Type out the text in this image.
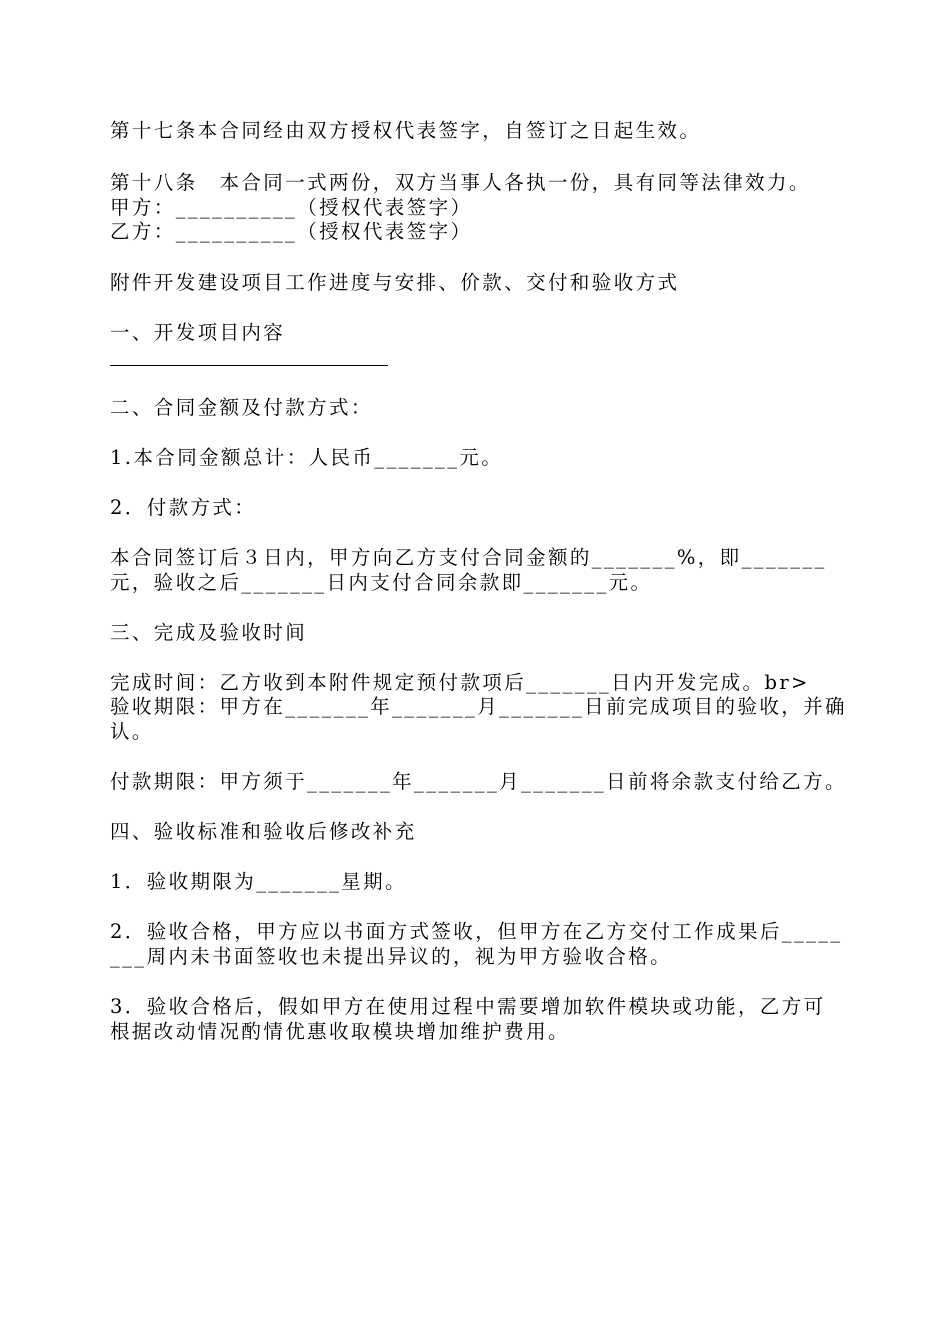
第十七条本合同经由双方授权代表签字，自签订之日起生效。
第十八条　本合同一式两份，双方当事人各执一份，具有同等法律效力。
甲方：__________（授权代表签字）
乙方：__________（授权代表签字）
附件开发建设项目工作进度与安排、价款、交付和验收方式
一、开发项目内容
二、合同金额及付款方式：
1.本合同金额总计：人民币_______元。
2．付款方式：
本合同签订后３日内，甲方向乙方支付合同金额的_______%，即_______
元，验收之后_______日内支付合同余款即_______元。
三、完成及验收时间
完成时间：乙方收到本附件规定预付款项后_______日内开发完成。br>
验收期限：甲方在_______年_______月_______日前完成项目的验收，并确
认。
付款期限：甲方须于_______年_______月_______日前将余款支付给乙方。
四、验收标准和验收后修改补充
1．验收期限为_______星期。
2．验收合格，甲方应以书面方式签收，但甲方在乙方交付工作成果后_____
___周内未书面签收也未提出异议的，视为甲方验收合格。
3．验收合格后，假如甲方在使用过程中需要增加软件模块或功能，乙方可
根据改动情况酌情优惠收取模块增加维护费用。
